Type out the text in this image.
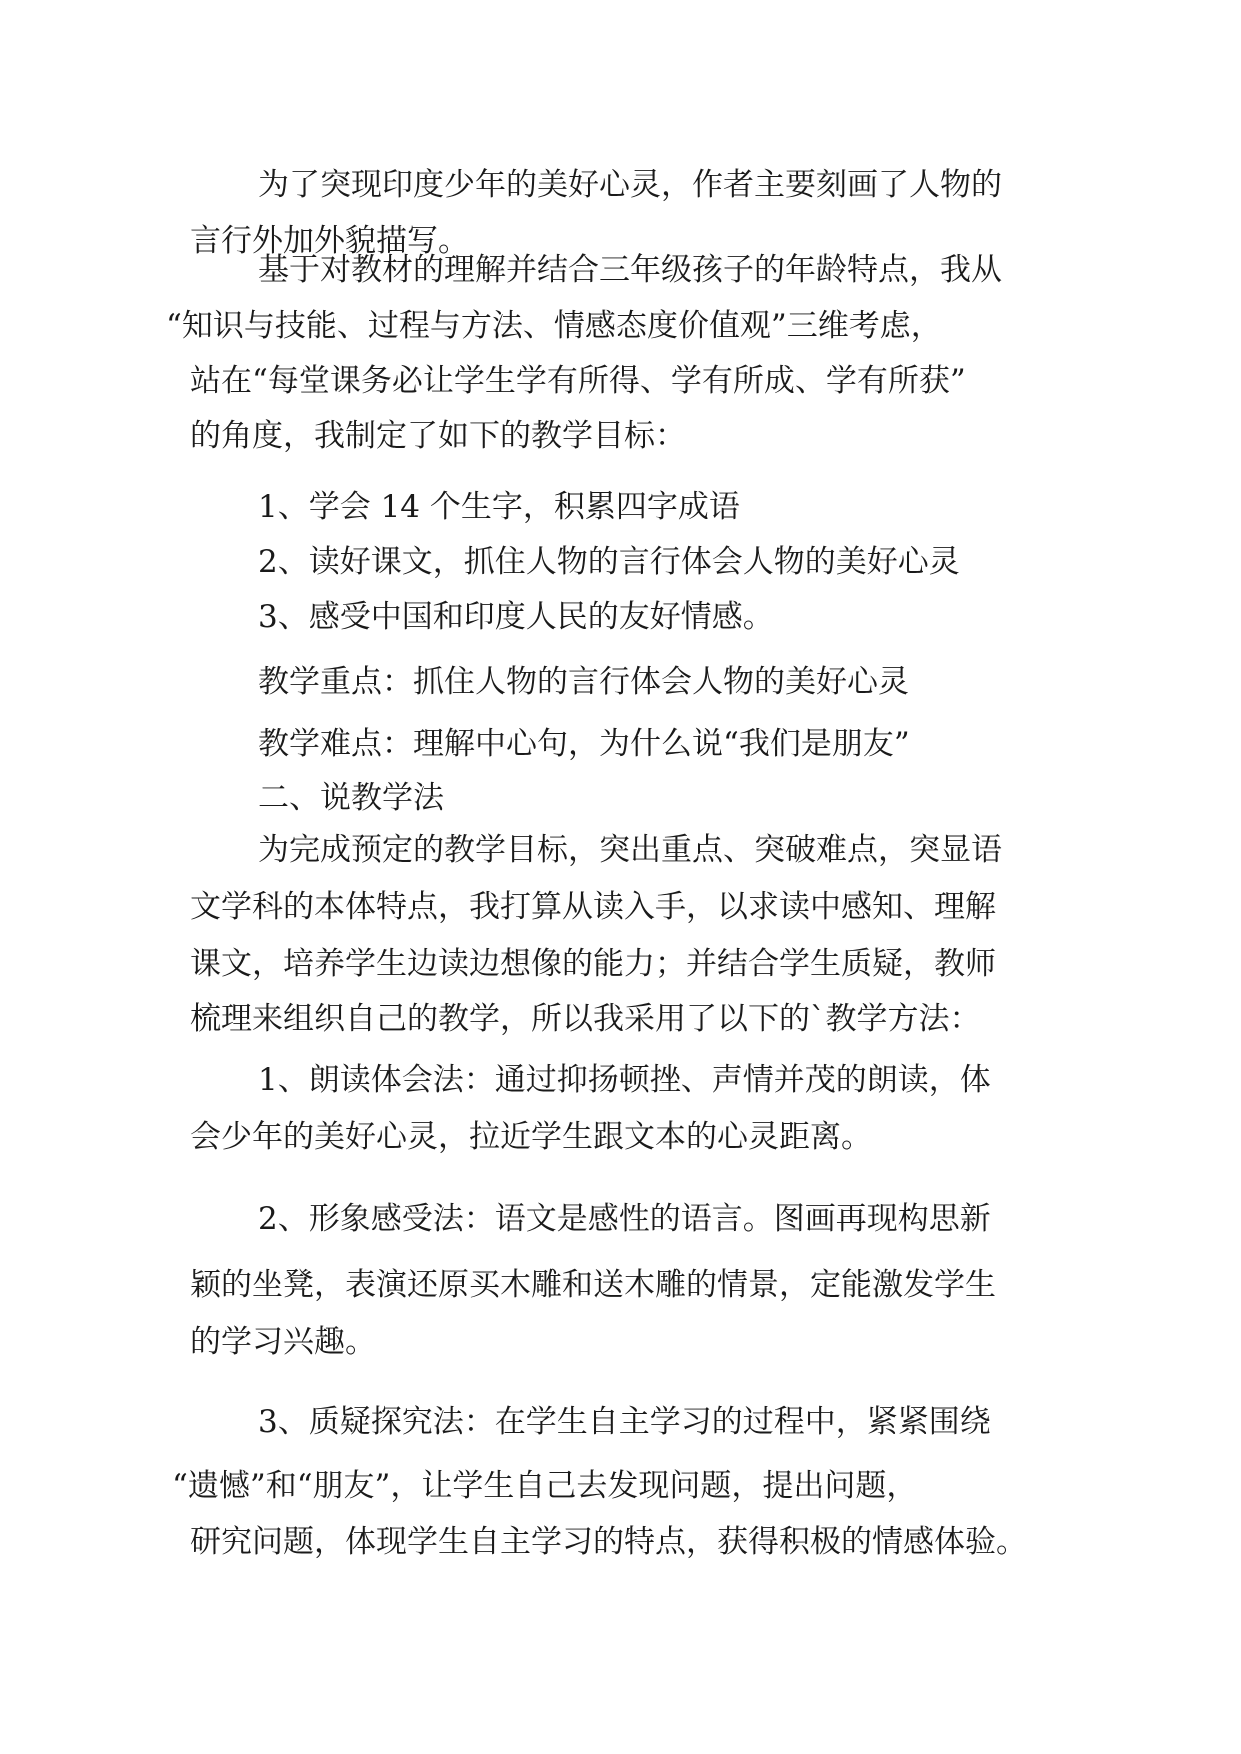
为了突现印度少年的美好心灵，作者主要刻画了人物的
言行外加外貌描写。
基于对教材的理解并结合三年级孩子的年龄特点，我从
“知识与技能、过程与方法、情感态度价值观”三维考虑，
站在“每堂课务必让学生学有所得、学有所成、学有所获”
的角度，我制定了如下的教学目标：
1、学会 14 个生字，积累四字成语
2、读好课文，抓住人物的言行体会人物的美好心灵
3、感受中国和印度人民的友好情感。
教学重点：抓住人物的言行体会人物的美好心灵
教学难点：理解中心句，为什么说“我们是朋友”
二、说教学法
为完成预定的教学目标，突出重点、突破难点，突显语
文学科的本体特点，我打算从读入手，以求读中感知、理解
课文，培养学生边读边想像的能力；并结合学生质疑，教师
梳理来组织自己的教学，所以我采用了以下的`教学方法：
1、朗读体会法：通过抑扬顿挫、声情并茂的朗读，体
会少年的美好心灵，拉近学生跟文本的心灵距离。
2、形象感受法：语文是感性的语言。图画再现构思新
颖的坐凳，表演还原买木雕和送木雕的情景，定能激发学生
的学习兴趣。
3、质疑探究法：在学生自主学习的过程中，紧紧围绕
“遗憾”和“朋友”，让学生自己去发现问题，提出问题，
研究问题，体现学生自主学习的特点，获得积极的情感体验。
